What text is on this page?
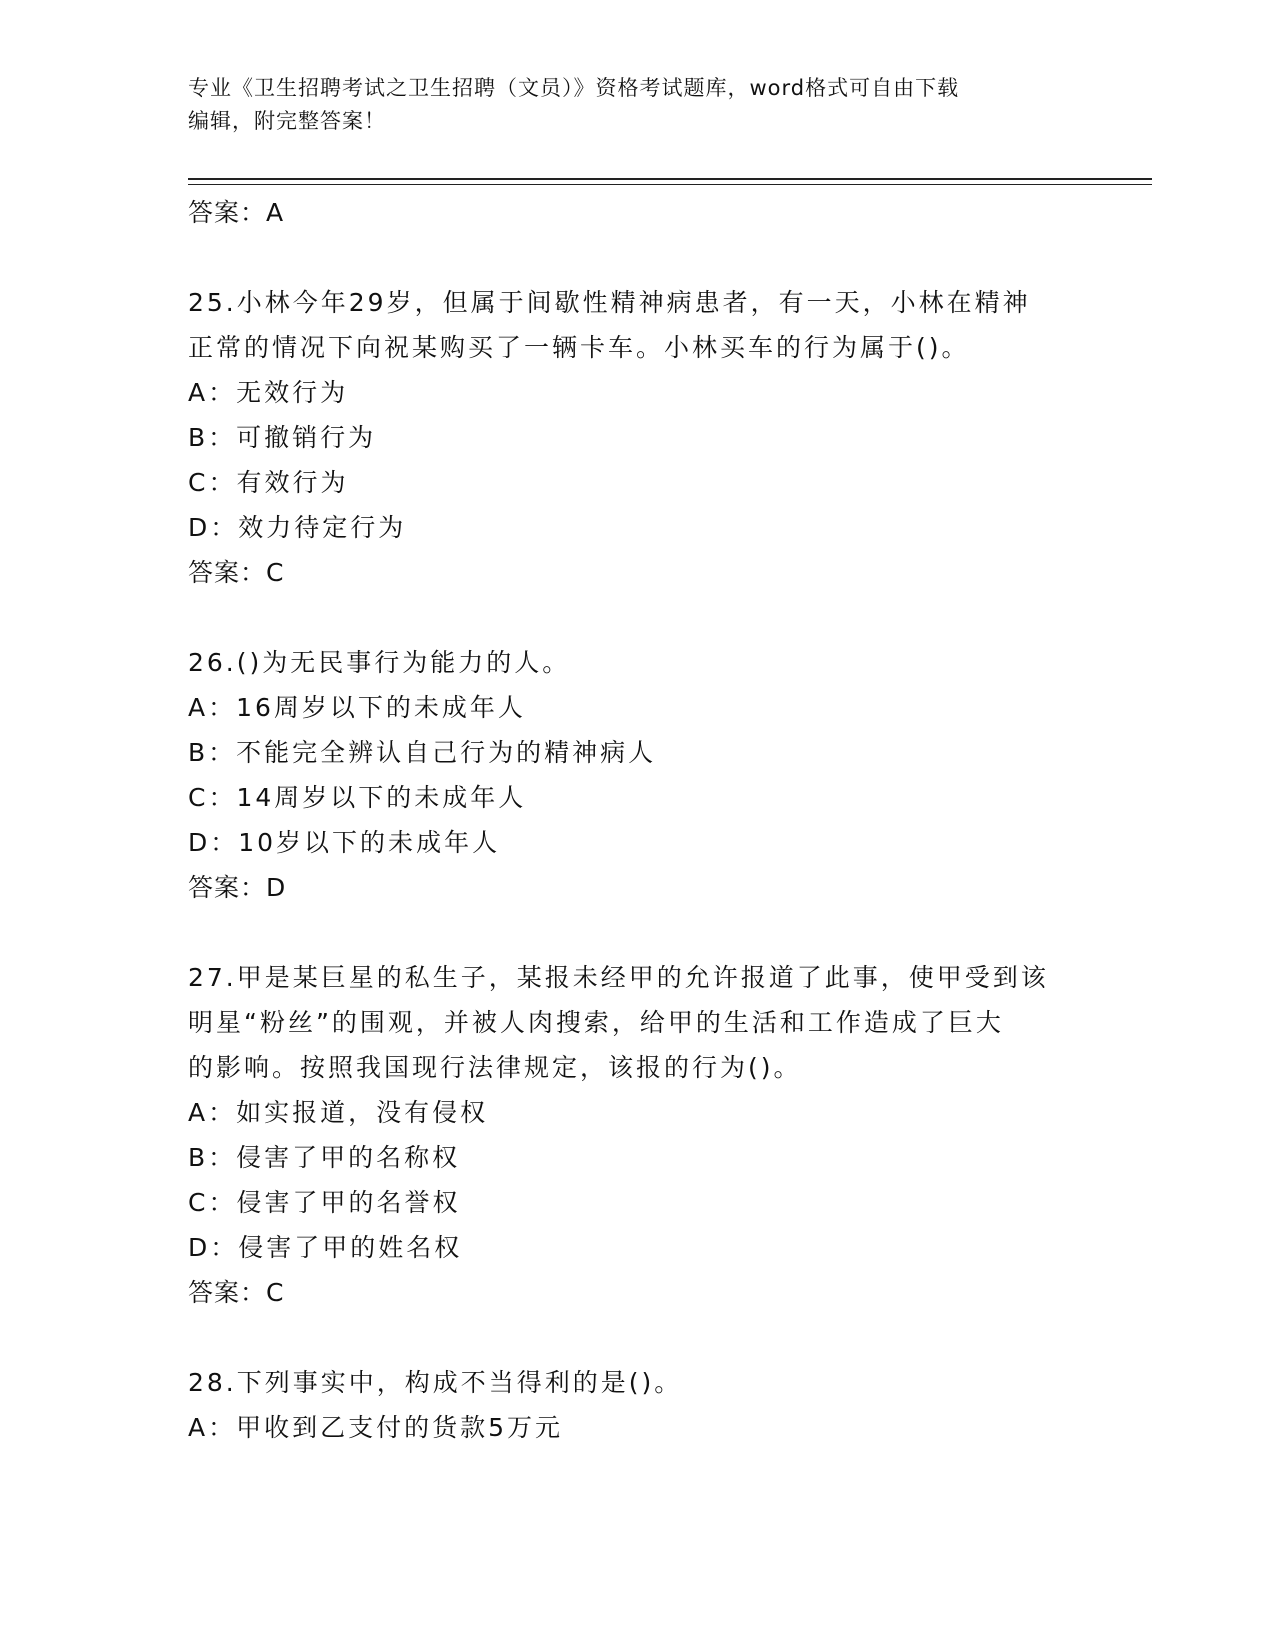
专业《卫生招聘考试之卫生招聘（文员）》资格考试题库，word格式可自由下载
编辑，附完整答案！
答案：A
25.小林今年29岁，但属于间歇性精神病患者，有一天，小林在精神
正常的情况下向祝某购买了一辆卡车。小林买车的行为属于()。
A：无效行为
B：可撤销行为
C：有效行为
D：效力待定行为
答案：C
26.()为无民事行为能力的人。
A：16周岁以下的未成年人
B：不能完全辨认自己行为的精神病人
C：14周岁以下的未成年人
D：10岁以下的未成年人
答案：D
27.甲是某巨星的私生子，某报未经甲的允许报道了此事，使甲受到该
明星“粉丝”的围观，并被人肉搜索，给甲的生活和工作造成了巨大
的影响。按照我国现行法律规定，该报的行为()。
A：如实报道，没有侵权
B：侵害了甲的名称权
C：侵害了甲的名誉权
D：侵害了甲的姓名权
答案：C
28.下列事实中，构成不当得利的是()。
A：甲收到乙支付的货款5万元
